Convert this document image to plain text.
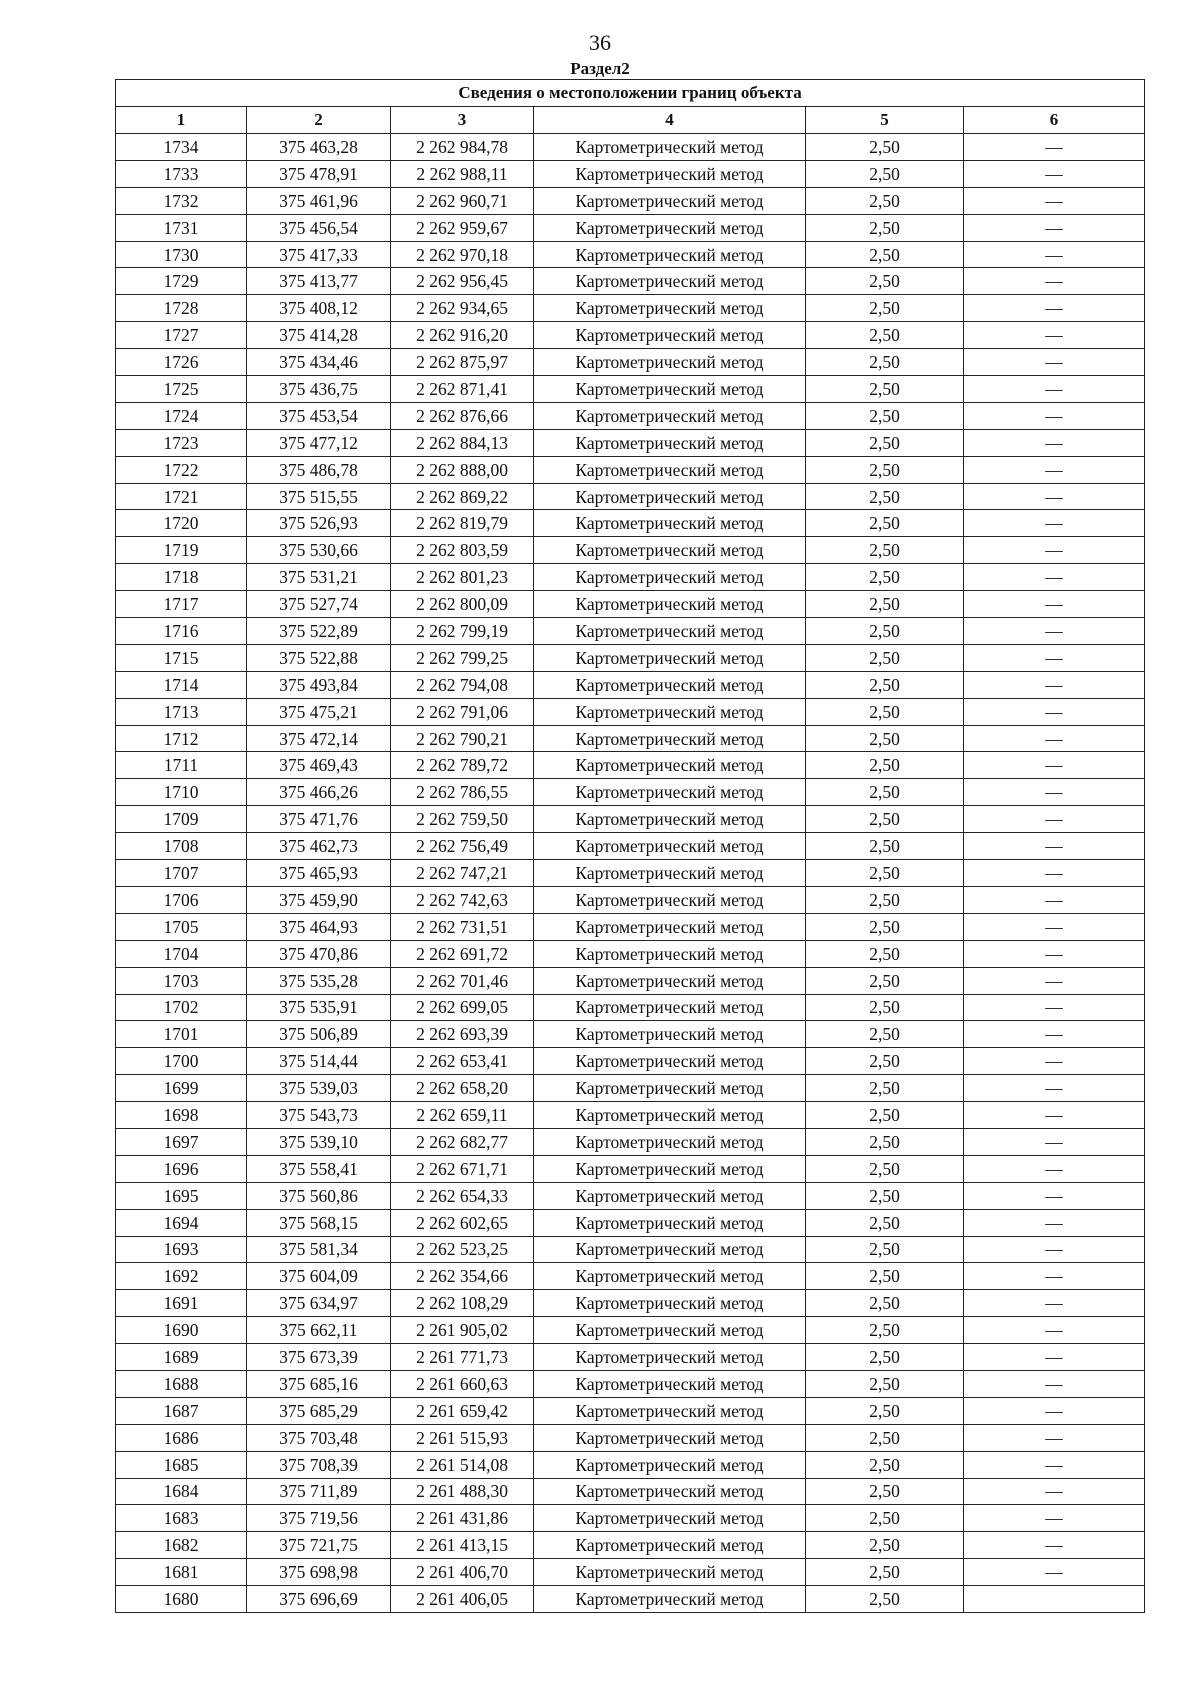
36
Раздел2
Сведения о местоположении границ объекта					
1	2	3	4	5	6
1734	375 463,28	2 262 984,78	Картометрический метод	2,50	—
1733	375 478,91	2 262 988,11	Картометрический метод	2,50	—
1732	375 461,96	2 262 960,71	Картометрический метод	2,50	—
1731	375 456,54	2 262 959,67	Картометрический метод	2,50	—
1730	375 417,33	2 262 970,18	Картометрический метод	2,50	—
1729	375 413,77	2 262 956,45	Картометрический метод	2,50	—
1728	375 408,12	2 262 934,65	Картометрический метод	2,50	—
1727	375 414,28	2 262 916,20	Картометрический метод	2,50	—
1726	375 434,46	2 262 875,97	Картометрический метод	2,50	—
1725	375 436,75	2 262 871,41	Картометрический метод	2,50	—
1724	375 453,54	2 262 876,66	Картометрический метод	2,50	—
1723	375 477,12	2 262 884,13	Картометрический метод	2,50	—
1722	375 486,78	2 262 888,00	Картометрический метод	2,50	—
1721	375 515,55	2 262 869,22	Картометрический метод	2,50	—
1720	375 526,93	2 262 819,79	Картометрический метод	2,50	—
1719	375 530,66	2 262 803,59	Картометрический метод	2,50	—
1718	375 531,21	2 262 801,23	Картометрический метод	2,50	—
1717	375 527,74	2 262 800,09	Картометрический метод	2,50	—
1716	375 522,89	2 262 799,19	Картометрический метод	2,50	—
1715	375 522,88	2 262 799,25	Картометрический метод	2,50	—
1714	375 493,84	2 262 794,08	Картометрический метод	2,50	—
1713	375 475,21	2 262 791,06	Картометрический метод	2,50	—
1712	375 472,14	2 262 790,21	Картометрический метод	2,50	—
1711	375 469,43	2 262 789,72	Картометрический метод	2,50	—
1710	375 466,26	2 262 786,55	Картометрический метод	2,50	—
1709	375 471,76	2 262 759,50	Картометрический метод	2,50	—
1708	375 462,73	2 262 756,49	Картометрический метод	2,50	—
1707	375 465,93	2 262 747,21	Картометрический метод	2,50	—
1706	375 459,90	2 262 742,63	Картометрический метод	2,50	—
1705	375 464,93	2 262 731,51	Картометрический метод	2,50	—
1704	375 470,86	2 262 691,72	Картометрический метод	2,50	—
1703	375 535,28	2 262 701,46	Картометрический метод	2,50	—
1702	375 535,91	2 262 699,05	Картометрический метод	2,50	—
1701	375 506,89	2 262 693,39	Картометрический метод	2,50	—
1700	375 514,44	2 262 653,41	Картометрический метод	2,50	—
1699	375 539,03	2 262 658,20	Картометрический метод	2,50	—
1698	375 543,73	2 262 659,11	Картометрический метод	2,50	—
1697	375 539,10	2 262 682,77	Картометрический метод	2,50	—
1696	375 558,41	2 262 671,71	Картометрический метод	2,50	—
1695	375 560,86	2 262 654,33	Картометрический метод	2,50	—
1694	375 568,15	2 262 602,65	Картометрический метод	2,50	—
1693	375 581,34	2 262 523,25	Картометрический метод	2,50	—
1692	375 604,09	2 262 354,66	Картометрический метод	2,50	—
1691	375 634,97	2 262 108,29	Картометрический метод	2,50	—
1690	375 662,11	2 261 905,02	Картометрический метод	2,50	—
1689	375 673,39	2 261 771,73	Картометрический метод	2,50	—
1688	375 685,16	2 261 660,63	Картометрический метод	2,50	—
1687	375 685,29	2 261 659,42	Картометрический метод	2,50	—
1686	375 703,48	2 261 515,93	Картометрический метод	2,50	—
1685	375 708,39	2 261 514,08	Картометрический метод	2,50	—
1684	375 711,89	2 261 488,30	Картометрический метод	2,50	—
1683	375 719,56	2 261 431,86	Картометрический метод	2,50	—
1682	375 721,75	2 261 413,15	Картометрический метод	2,50	—
1681	375 698,98	2 261 406,70	Картометрический метод	2,50	—
1680	375 696,69	2 261 406,05	Картометрический метод	2,50	
